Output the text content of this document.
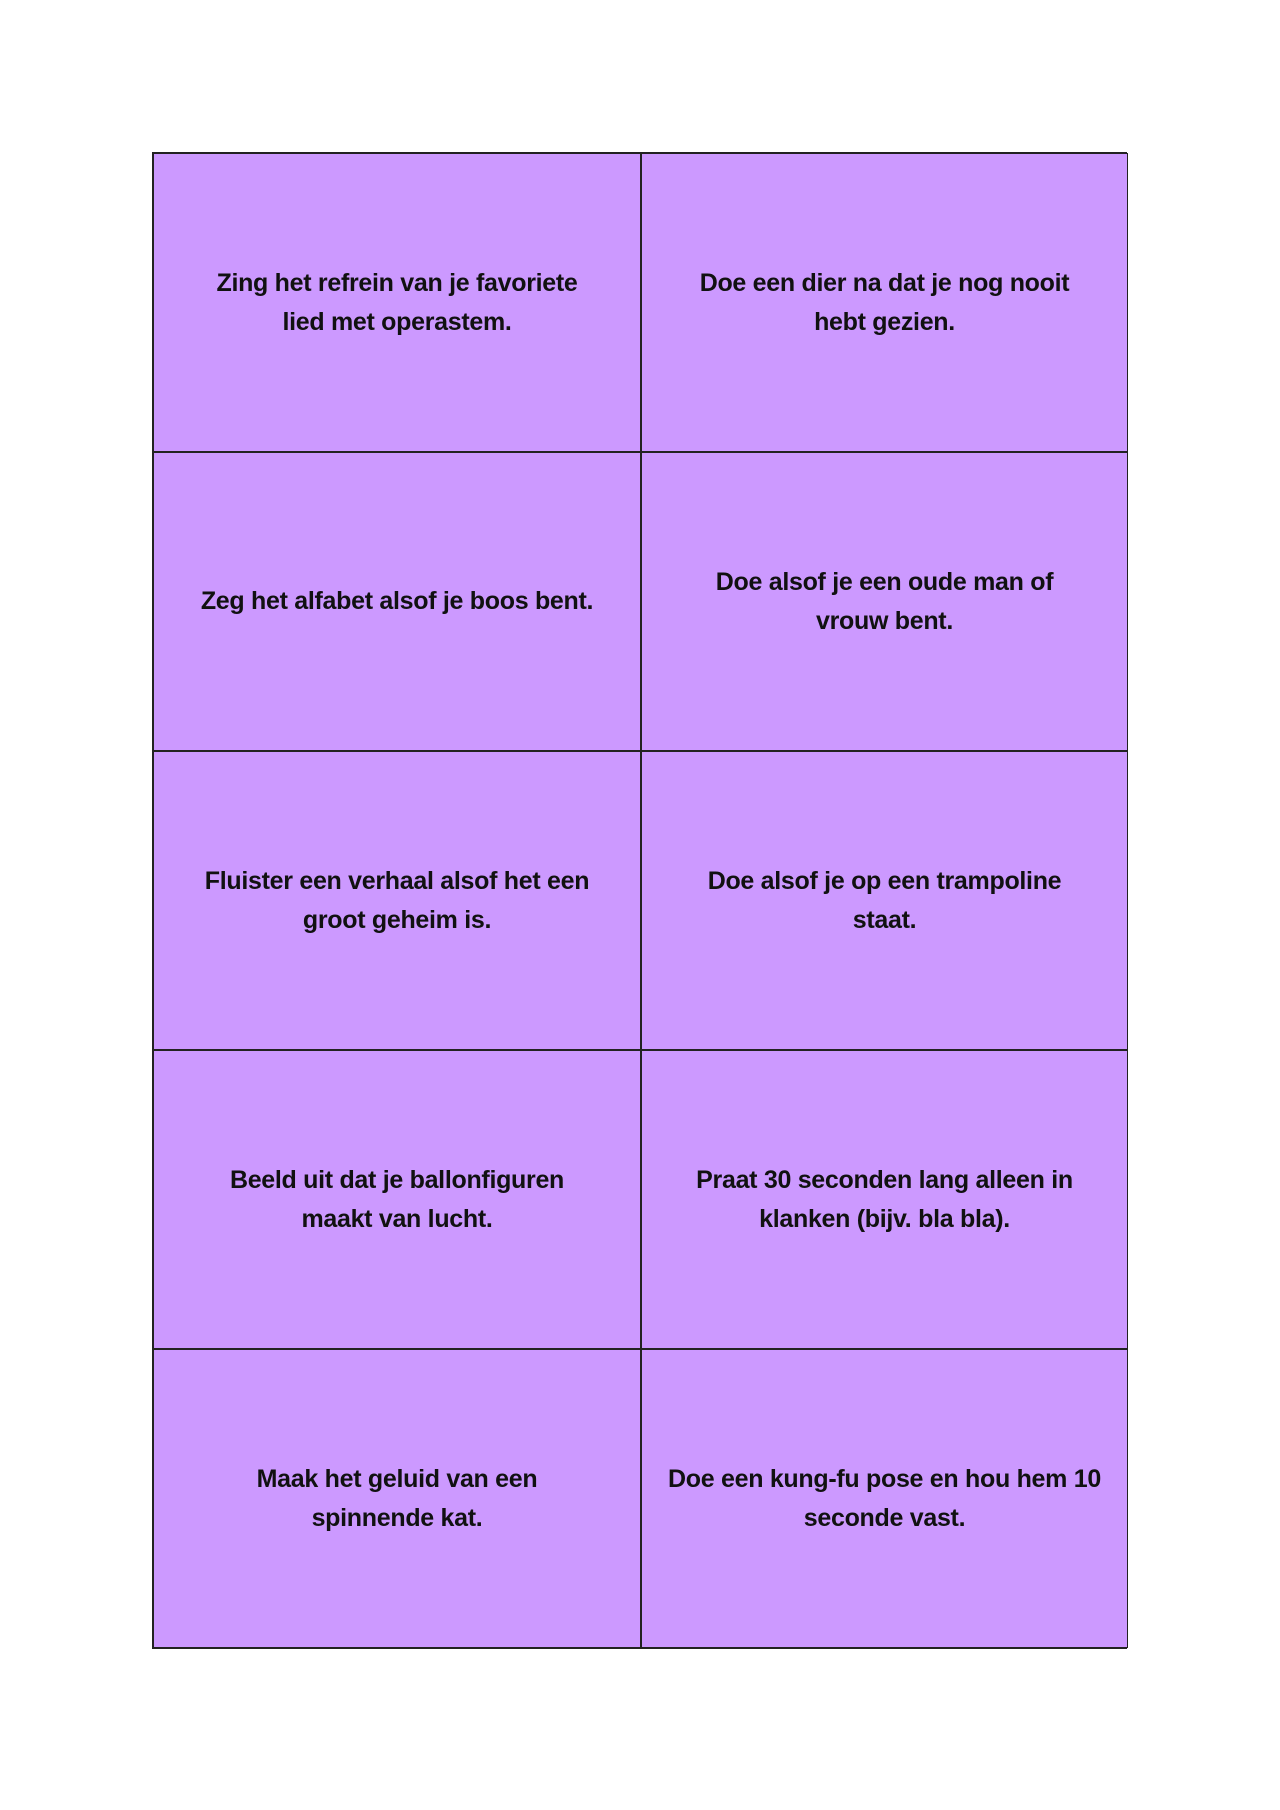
Zing het refrein van je favoriete lied met operastem.
Doe een dier na dat je nog nooit hebt gezien.
Zeg het alfabet alsof je boos bent.
Doe alsof je een oude man of vrouw bent.
Fluister een verhaal alsof het een groot geheim is.
Doe alsof je op een trampoline staat.
Beeld uit dat je ballonfiguren maakt van lucht.
Praat 30 seconden lang alleen in klanken (bijv. bla bla).
Maak het geluid van een spinnende kat.
Doe een kung-fu pose en hou hem 10 seconde vast.
